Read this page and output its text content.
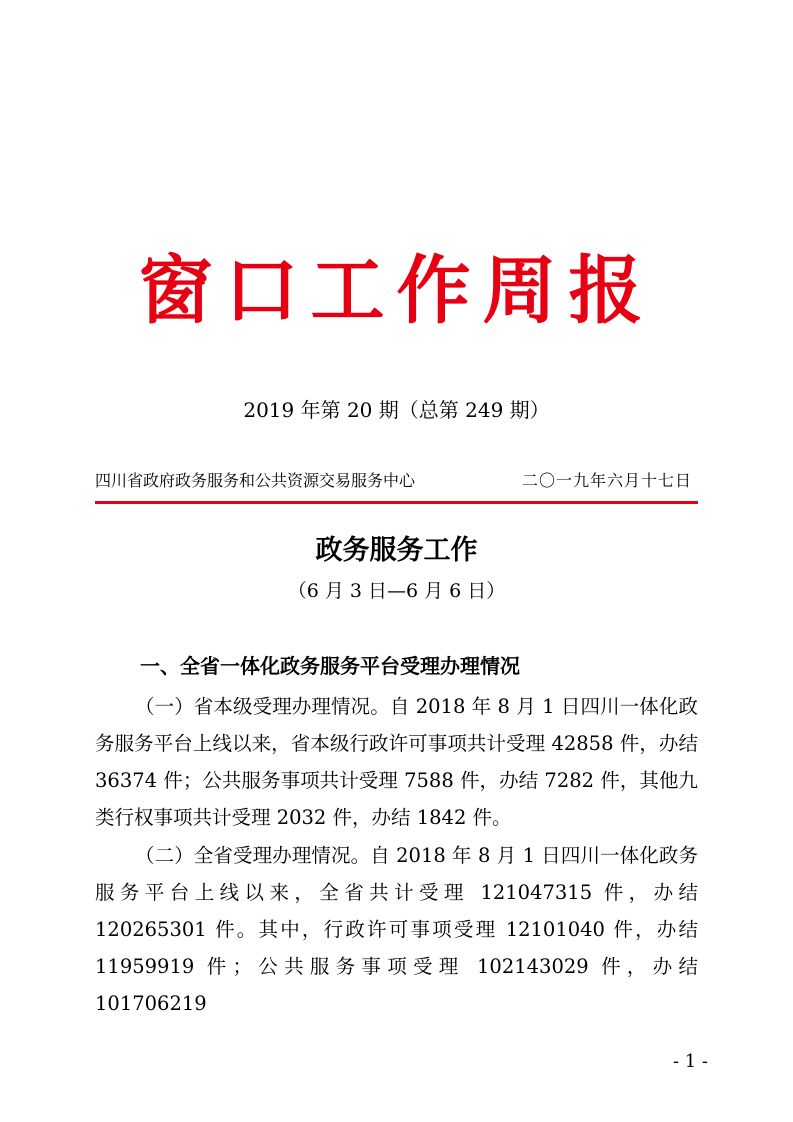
窗口工作周报
2019 年第 20 期（总第 249 期）
四川省政府政务服务和公共资源交易服务中心	二〇一九年六月十七日
政务服务工作
（6 月 3 日—6 月 6 日）
一、全省一体化政务服务平台受理办理情况

（一）省本级受理办理情况。自 2018 年 8 月 1 日四川一体化政务服务平台上线以来，省本级行政许可事项共计受理 42858 件，办结 36374 件；公共服务事项共计受理 7588 件，办结 7282 件，其他九类行权事项共计受理 2032 件，办结 1842 件。

（二）全省受理办理情况。自 2018 年 8 月 1 日四川一体化政务服务平台上线以来，全省共计受理 121047315 件，办结 120265301 件。其中，行政许可事项受理 12101040 件，办结 11959919 件；公共服务事项受理 102143029 件，办结 101706219

- 1 -
